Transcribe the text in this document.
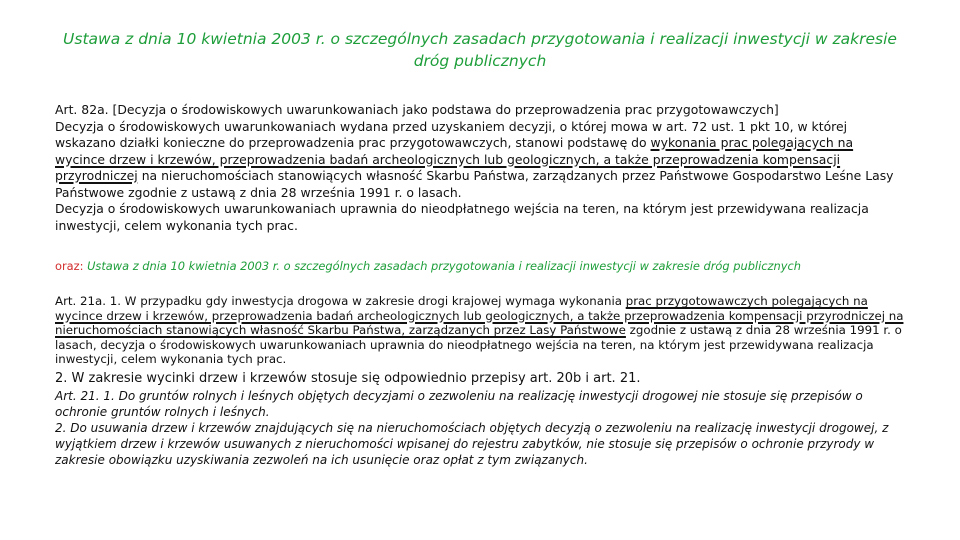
Ustawa z dnia 10 kwietnia 2003 r. o szczególnych zasadach przygotowania i realizacji inwestycji w zakresie dróg publicznych

Art. 82a. [Decyzja o środowiskowych uwarunkowaniach jako podstawa do przeprowadzenia prac przygotowawczych]

Decyzja o środowiskowych uwarunkowaniach wydana przed uzyskaniem decyzji, o której mowa w art. 72 ust. 1 pkt 10, w której wskazano działki konieczne do przeprowadzenia prac przygotowawczych, stanowi podstawę do wykonania prac polegających na wycince drzew i krzewów, przeprowadzenia badań archeologicznych lub geologicznych, a także przeprowadzenia kompensacji przyrodniczej na nieruchomościach stanowiących własność Skarbu Państwa, zarządzanych przez Państwowe Gospodarstwo Leśne Lasy Państwowe zgodnie z ustawą z dnia 28 września 1991 r. o lasach.

Decyzja o środowiskowych uwarunkowaniach uprawnia do nieodpłatnego wejścia na teren, na którym jest przewidywana realizacja inwestycji, celem wykonania tych prac.

oraz: Ustawa z dnia 10 kwietnia 2003 r. o szczególnych zasadach przygotowania i realizacji inwestycji w zakresie dróg publicznych

Art. 21a. 1. W przypadku gdy inwestycja drogowa w zakresie drogi krajowej wymaga wykonania prac przygotowawczych polegających na wycince drzew i krzewów, przeprowadzenia badań archeologicznych lub geologicznych, a także przeprowadzenia kompensacji przyrodniczej na nieruchomościach stanowiących własność Skarbu Państwa, zarządzanych przez Lasy Państwowe zgodnie z ustawą z dnia 28 września 1991 r. o lasach, decyzja o środowiskowych uwarunkowaniach uprawnia do nieodpłatnego wejścia na teren, na którym jest przewidywana realizacja inwestycji, celem wykonania tych prac.

2. W zakresie wycinki drzew i krzewów stosuje się odpowiednio przepisy art. 20b i art. 21.
Art. 21. 1. Do gruntów rolnych i leśnych objętych decyzjami o zezwoleniu na realizację inwestycji drogowej nie stosuje się przepisów o ochronie gruntów rolnych i leśnych.
2. Do usuwania drzew i krzewów znajdujących się na nieruchomościach objętych decyzją o zezwoleniu na realizację inwestycji drogowej, z wyjątkiem drzew i krzewów usuwanych z nieruchomości wpisanej do rejestru zabytków, nie stosuje się przepisów o ochronie przyrody w zakresie obowiązku uzyskiwania zezwoleń na ich usunięcie oraz opłat z tym związanych.
